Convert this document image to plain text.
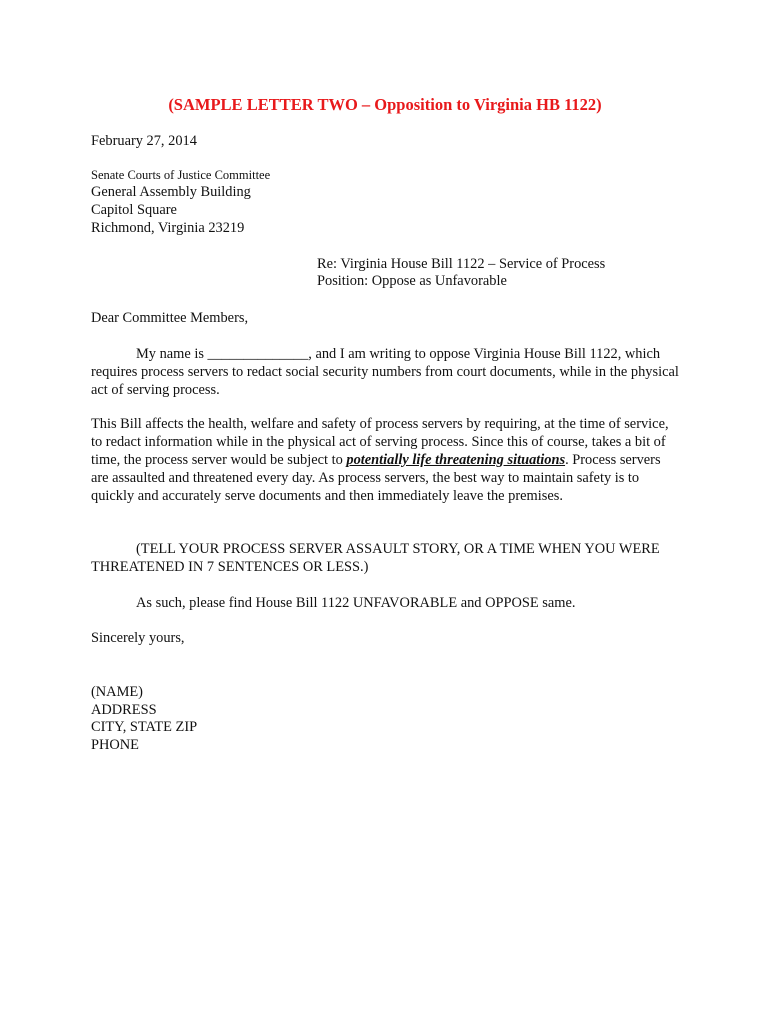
(SAMPLE LETTER TWO – Opposition to Virginia HB 1122)
February 27, 2014
Senate Courts of Justice Committee
General Assembly Building
Capitol Square
Richmond, Virginia 23219
Re: Virginia House Bill 1122 – Service of Process
Position: Oppose as Unfavorable
Dear Committee Members,
My name is ______________, and I am writing to oppose Virginia House Bill 1122, which requires process servers to redact social security numbers from court documents, while in the physical act of serving process.
This Bill affects the health, welfare and safety of process servers by requiring, at the time of service, to redact information while in the physical act of serving process. Since this of course, takes a bit of time, the process server would be subject to potentially life threatening situations. Process servers are assaulted and threatened every day. As process servers, the best way to maintain safety is to quickly and accurately serve documents and then immediately leave the premises.
(TELL YOUR PROCESS SERVER ASSAULT STORY, OR A TIME WHEN YOU WERE THREATENED IN 7 SENTENCES OR LESS.)
As such, please find House Bill 1122 UNFAVORABLE and OPPOSE same.
Sincerely yours,
(NAME)
ADDRESS
CITY, STATE ZIP
PHONE
